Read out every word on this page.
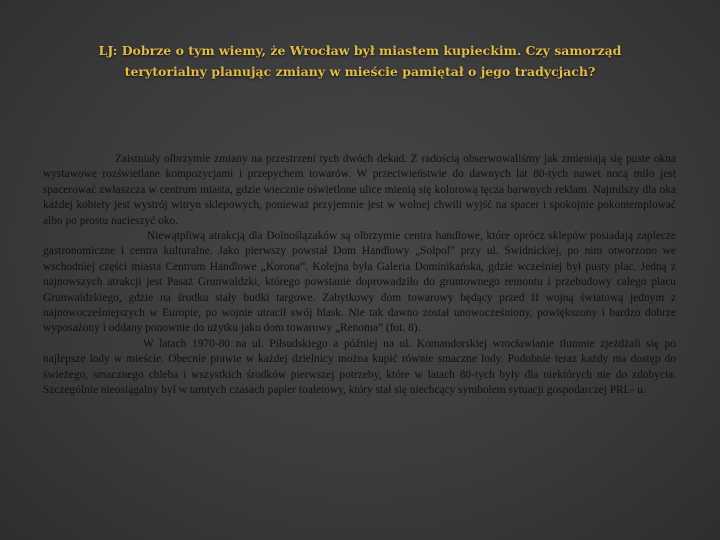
LJ: Dobrze o tym wiemy, że Wrocław był miastem kupieckim. Czy samorząd terytorialny planując zmiany w mieście pamiętał o jego tradycjach?

Zaistniały olbrzymie zmiany na przestrzeni tych dwóch dekad. Z radością obserwowaliśmy jak zmieniają się puste okna wystawowe rozświetlane kompozycjami i przepychem towarów. W przeciwieństwie do dawnych lat 80-tych nawet nocą miło jest spacerować zwłaszcza w centrum miasta, gdzie wiecznie oświetlone ulice mienią się kolorową tęcza barwnych reklam. Najmilszy dla oka każdej kobiety jest wystrój witryn sklepowych, ponieważ przyjemnie jest w wolnej chwili wyjść na spacer i spokojnie pokontemplować albo po prostu nacieszyć oko.

Niewątpliwą atrakcją dla Dolnoślązaków są olbrzymie centra handlowe, które oprócz sklepów posiadają zaplecze gastronomiczne i centra kulturalne. Jako pierwszy powstał Dom Handlowy „Solpol” przy ul. Świdnickiej, po nim otworzono we wschodniej części miasta Centrum Handlowe „Korona”. Kolejna była Galeria Dominikańska, gdzie wcześniej był pusty plac. Jedną z najnowszych atrakcji jest Pasaż Grunwaldzki, którego powstanie doprowadziło do gruntownego remontu i przebudowy całego placu Grunwaldzkiego, gdzie na środku stały budki targowe. Zabytkowy dom towarowy będący przed II wojną światową jednym z najnowocześniejszych w Europie, po wojnie utracił swój blask. Nie tak dawno został unowocześniony, powiększony i bardzo dobrze wyposażony i oddany ponownie do użytku jako dom towarowy „Renoma” (fot. 8).

W latach 1970-80 na ul. Piłsudskiego a później na ul. Komandorskiej wrocławianie tłumnie zjeżdżali się po najlepsze lody w mieście. Obecnie prawie w każdej dzielnicy można kupić równie smaczne lody. Podobnie teraz każdy ma dostęp do świeżego, smacznego chleba i wszystkich środków pierwszej potrzeby, które w latach 80-tych były dla niektórych nie do zdobycia. Szczególnie nieosiągalny był w tamtych czasach papier toaletowy, który stał się niechcący symbolem sytuacji gospodarczej PRL- u.
